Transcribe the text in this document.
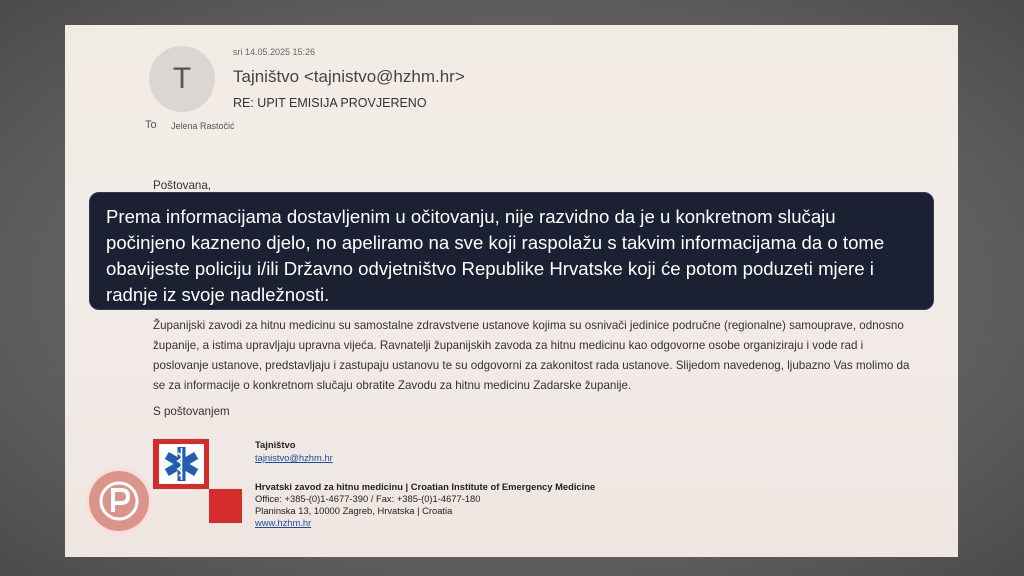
T
sri 14.05.2025 15:26
Tajništvo <tajnistvo@hzhm.hr>
RE: UPIT EMISIJA PROVJERENO
To Jelena Rastočić
Poštovana,
Županijski zavodi za hitnu medicinu su samostalne zdravstvene ustanove kojima su osnivači jedinice područne (regionalne) samouprave, odnosno županije, a istima upravljaju upravna vijeća. Ravnatelji županijskih zavoda za hitnu medicinu kao odgovorne osobe organiziraju i vode rad i poslovanje ustanove, predstavljaju i zastupaju ustanovu te su odgovorni za zakonitost rada ustanove. Slijedom navedenog, ljubazno Vas molimo da se za informacije o konkretnom slučaju obratite Zavodu za hitnu medicinu Zadarske županije.
S poštovanjem
Tajništvo
tajnistvo@hzhm.hr
Hrvatski zavod za hitnu medicinu | Croatian Institute of Emergency Medicine
Office: +385-(0)1-4677-390 / Fax: +385-(0)1-4677-180
Planinska 13, 10000 Zagreb, Hrvatska | Croatia
www.hzhm.hr
Prema informacijama dostavljenim u očitovanju, nije razvidno da je u konkretnom slučaju počinjeno kazneno djelo, no apeliramo na sve koji raspolažu s takvim informacijama da o tome obavijeste policiju i/ili Državno odvjetništvo Republike Hrvatske koji će potom poduzeti mjere i radnje iz svoje nadležnosti.
